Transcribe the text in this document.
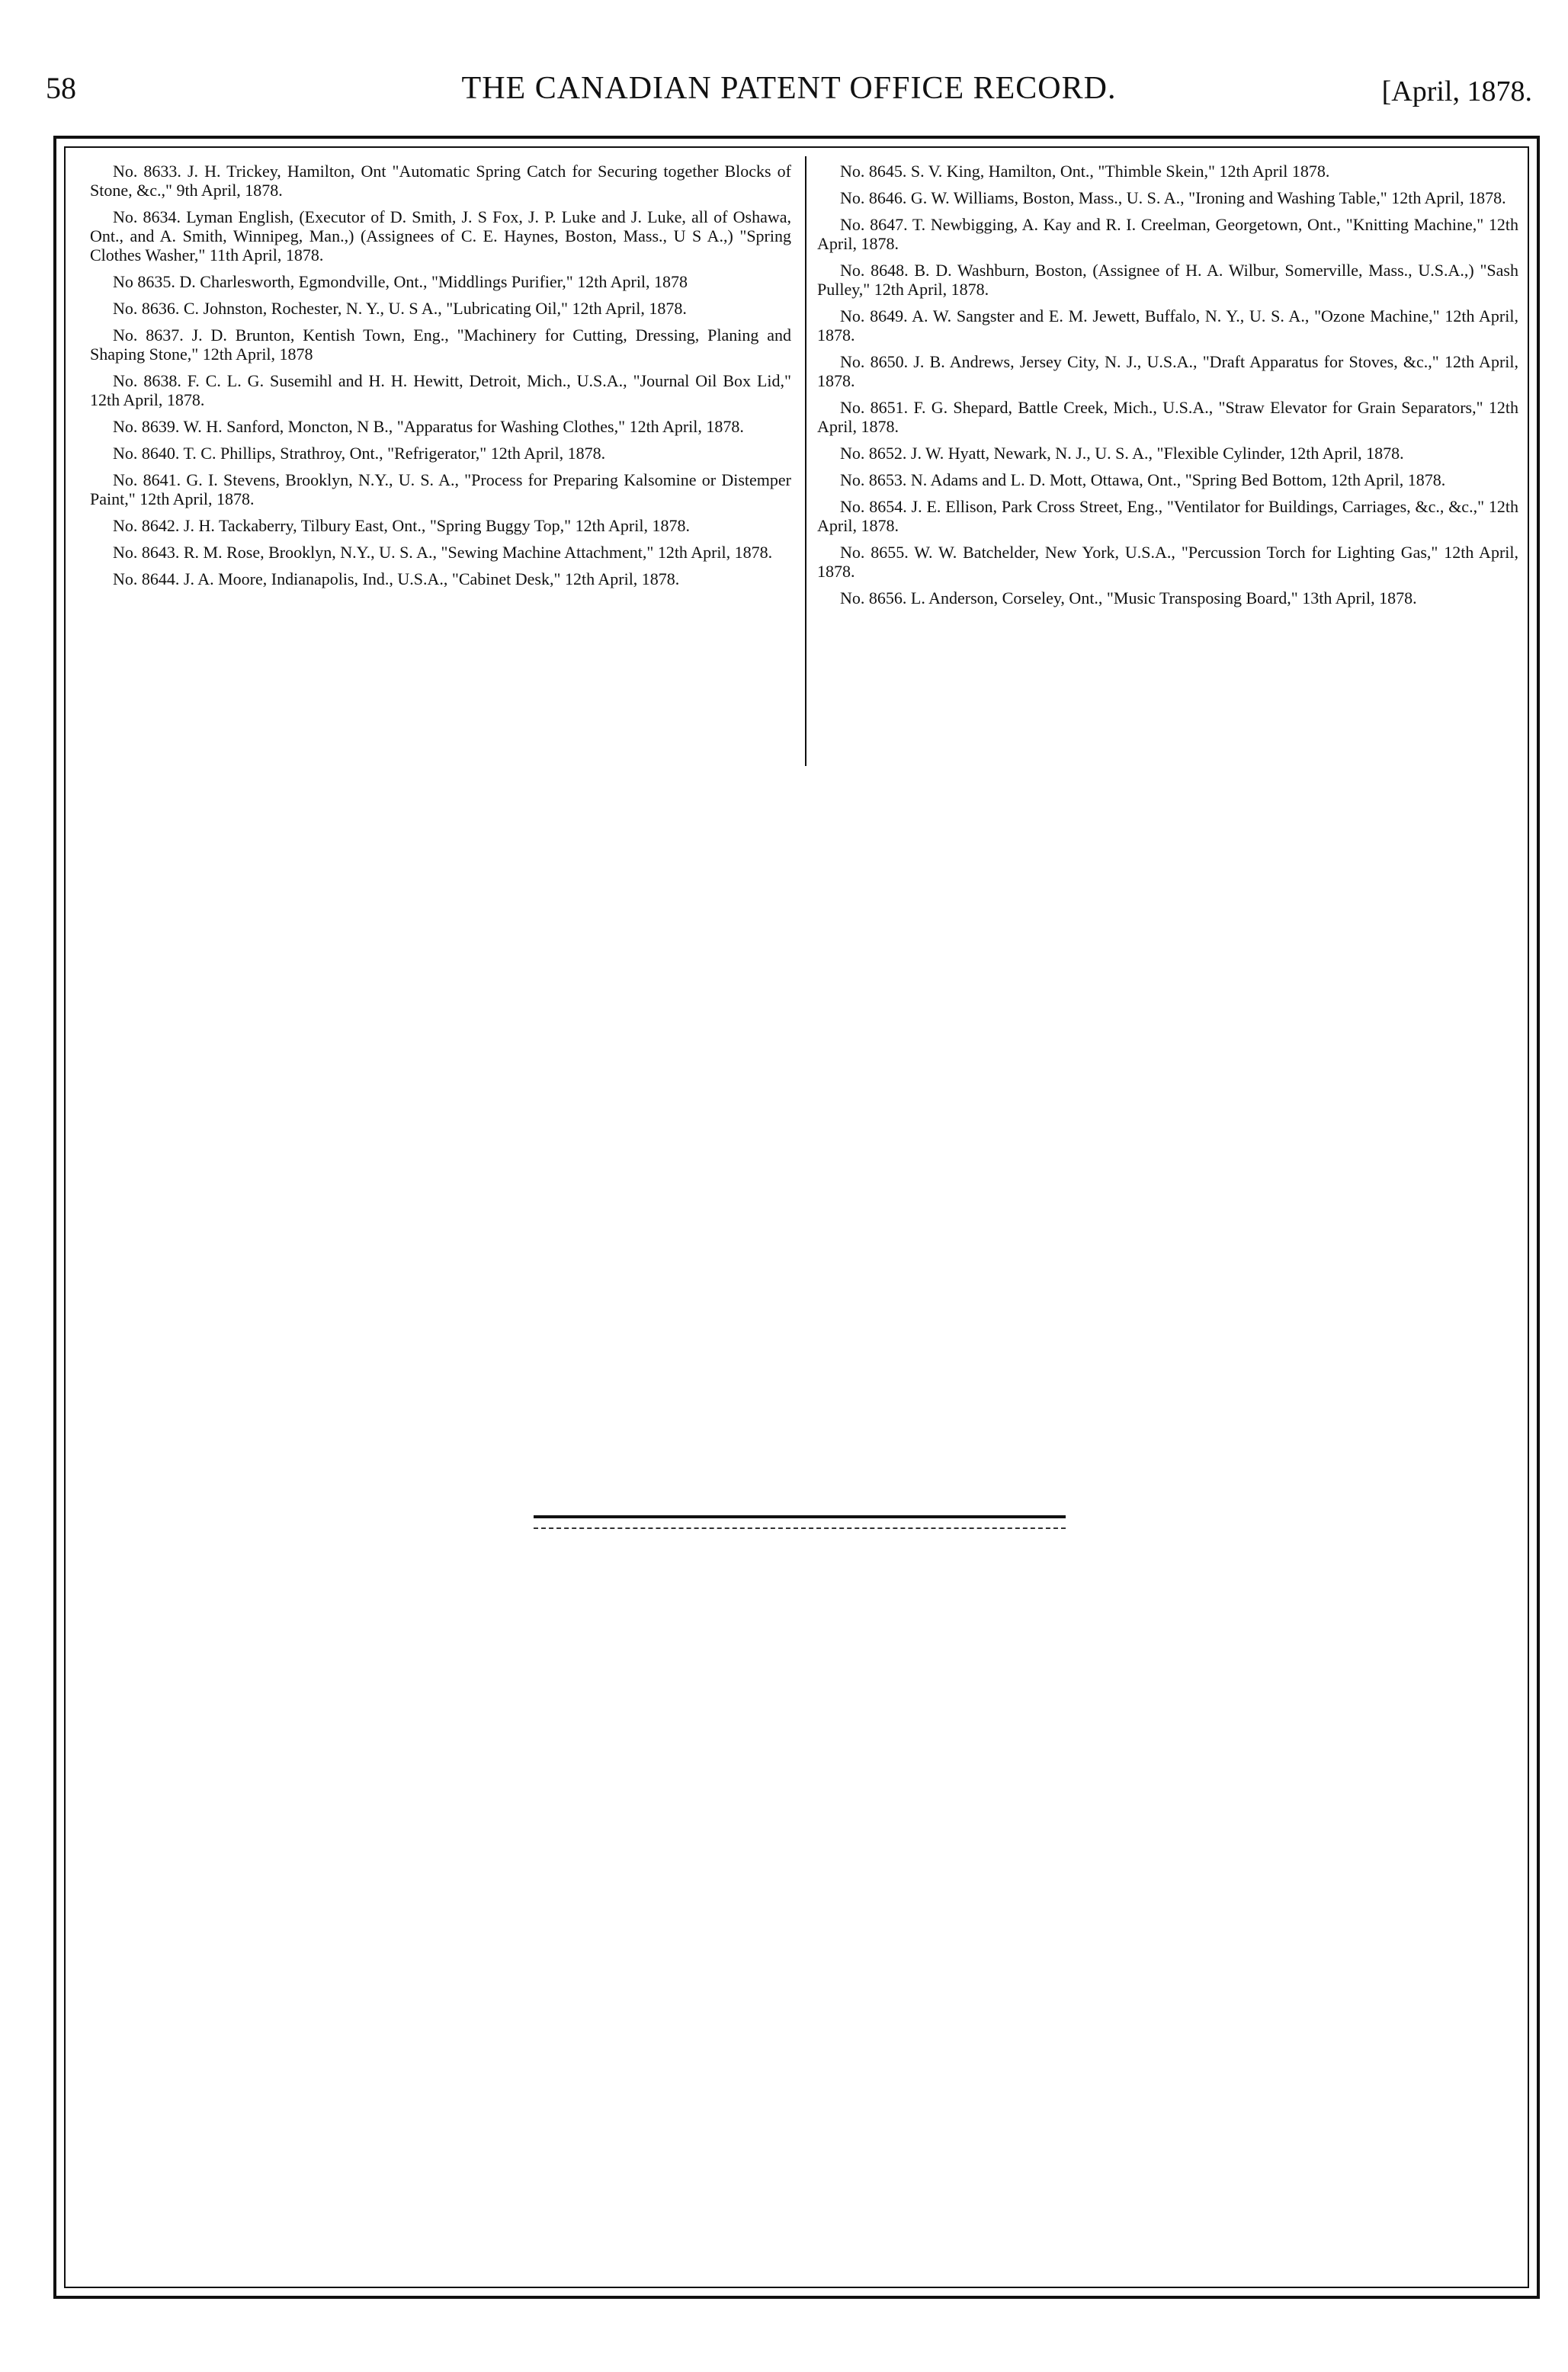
58	THE CANADIAN PATENT OFFICE RECORD.	[April, 1878.

No. 8633. J. H. Trickey, Hamilton, Ont "Automatic Spring Catch for Securing together Blocks of Stone, &c.," 9th April, 1878.

No. 8634. Lyman English, (Executor of D. Smith, J. S Fox, J. P. Luke and J. Luke, all of Oshawa, Ont., and A. Smith, Winnipeg, Man.,) (Assignees of C. E. Haynes, Boston, Mass., U S A.,) "Spring Clothes Washer," 11th April, 1878.

No 8635. D. Charlesworth, Egmondville, Ont., "Middlings Purifier," 12th April, 1878

No. 8636. C. Johnston, Rochester, N. Y., U. S A., "Lubricating Oil," 12th April, 1878.

No. 8637. J. D. Brunton, Kentish Town, Eng., "Machinery for Cutting, Dressing, Planing and Shaping Stone," 12th April, 1878

No. 8638. F. C. L. G. Susemihl and H. H. Hewitt, Detroit, Mich., U.S.A., "Journal Oil Box Lid," 12th April, 1878.

No. 8639. W. H. Sanford, Moncton, N B., "Apparatus for Washing Clothes," 12th April, 1878.

No. 8640. T. C. Phillips, Strathroy, Ont., "Refrigerator," 12th April, 1878.

No. 8641. G. I. Stevens, Brooklyn, N.Y., U. S. A., "Process for Preparing Kalsomine or Distemper Paint," 12th April, 1878.

No. 8642. J. H. Tackaberry, Tilbury East, Ont., "Spring Buggy Top," 12th April, 1878.

No. 8643. R. M. Rose, Brooklyn, N.Y., U. S. A., "Sewing Machine Attachment," 12th April, 1878.

No. 8644. J. A. Moore, Indianapolis, Ind., U.S.A., "Cabinet Desk," 12th April, 1878.

No. 8645. S. V. King, Hamilton, Ont., "Thimble Skein," 12th April 1878.

No. 8646. G. W. Williams, Boston, Mass., U. S. A., "Ironing and Washing Table," 12th April, 1878.

No. 8647. T. Newbigging, A. Kay and R. I. Creelman, Georgetown, Ont., "Knitting Machine," 12th April, 1878.

No. 8648. B. D. Washburn, Boston, (Assignee of H. A. Wilbur, Somerville, Mass., U.S.A.,) "Sash Pulley," 12th April, 1878.

No. 8649. A. W. Sangster and E. M. Jewett, Buffalo, N. Y., U. S. A., "Ozone Machine," 12th April, 1878.

No. 8650. J. B. Andrews, Jersey City, N. J., U.S.A., "Draft Apparatus for Stoves, &c.," 12th April, 1878.

No. 8651. F. G. Shepard, Battle Creek, Mich., U.S.A., "Straw Elevator for Grain Separators," 12th April, 1878.

No. 8652. J. W. Hyatt, Newark, N. J., U. S. A., "Flexible Cylinder, 12th April, 1878.

No. 8653. N. Adams and L. D. Mott, Ottawa, Ont., "Spring Bed Bottom, 12th April, 1878.

No. 8654. J. E. Ellison, Park Cross Street, Eng., "Ventilator for Buildings, Carriages, &c., &c.," 12th April, 1878.

No. 8655. W. W. Batchelder, New York, U.S.A., "Percussion Torch for Lighting Gas," 12th April, 1878.

No. 8656. L. Anderson, Corseley, Ont., "Music Transposing Board," 13th April, 1878.
